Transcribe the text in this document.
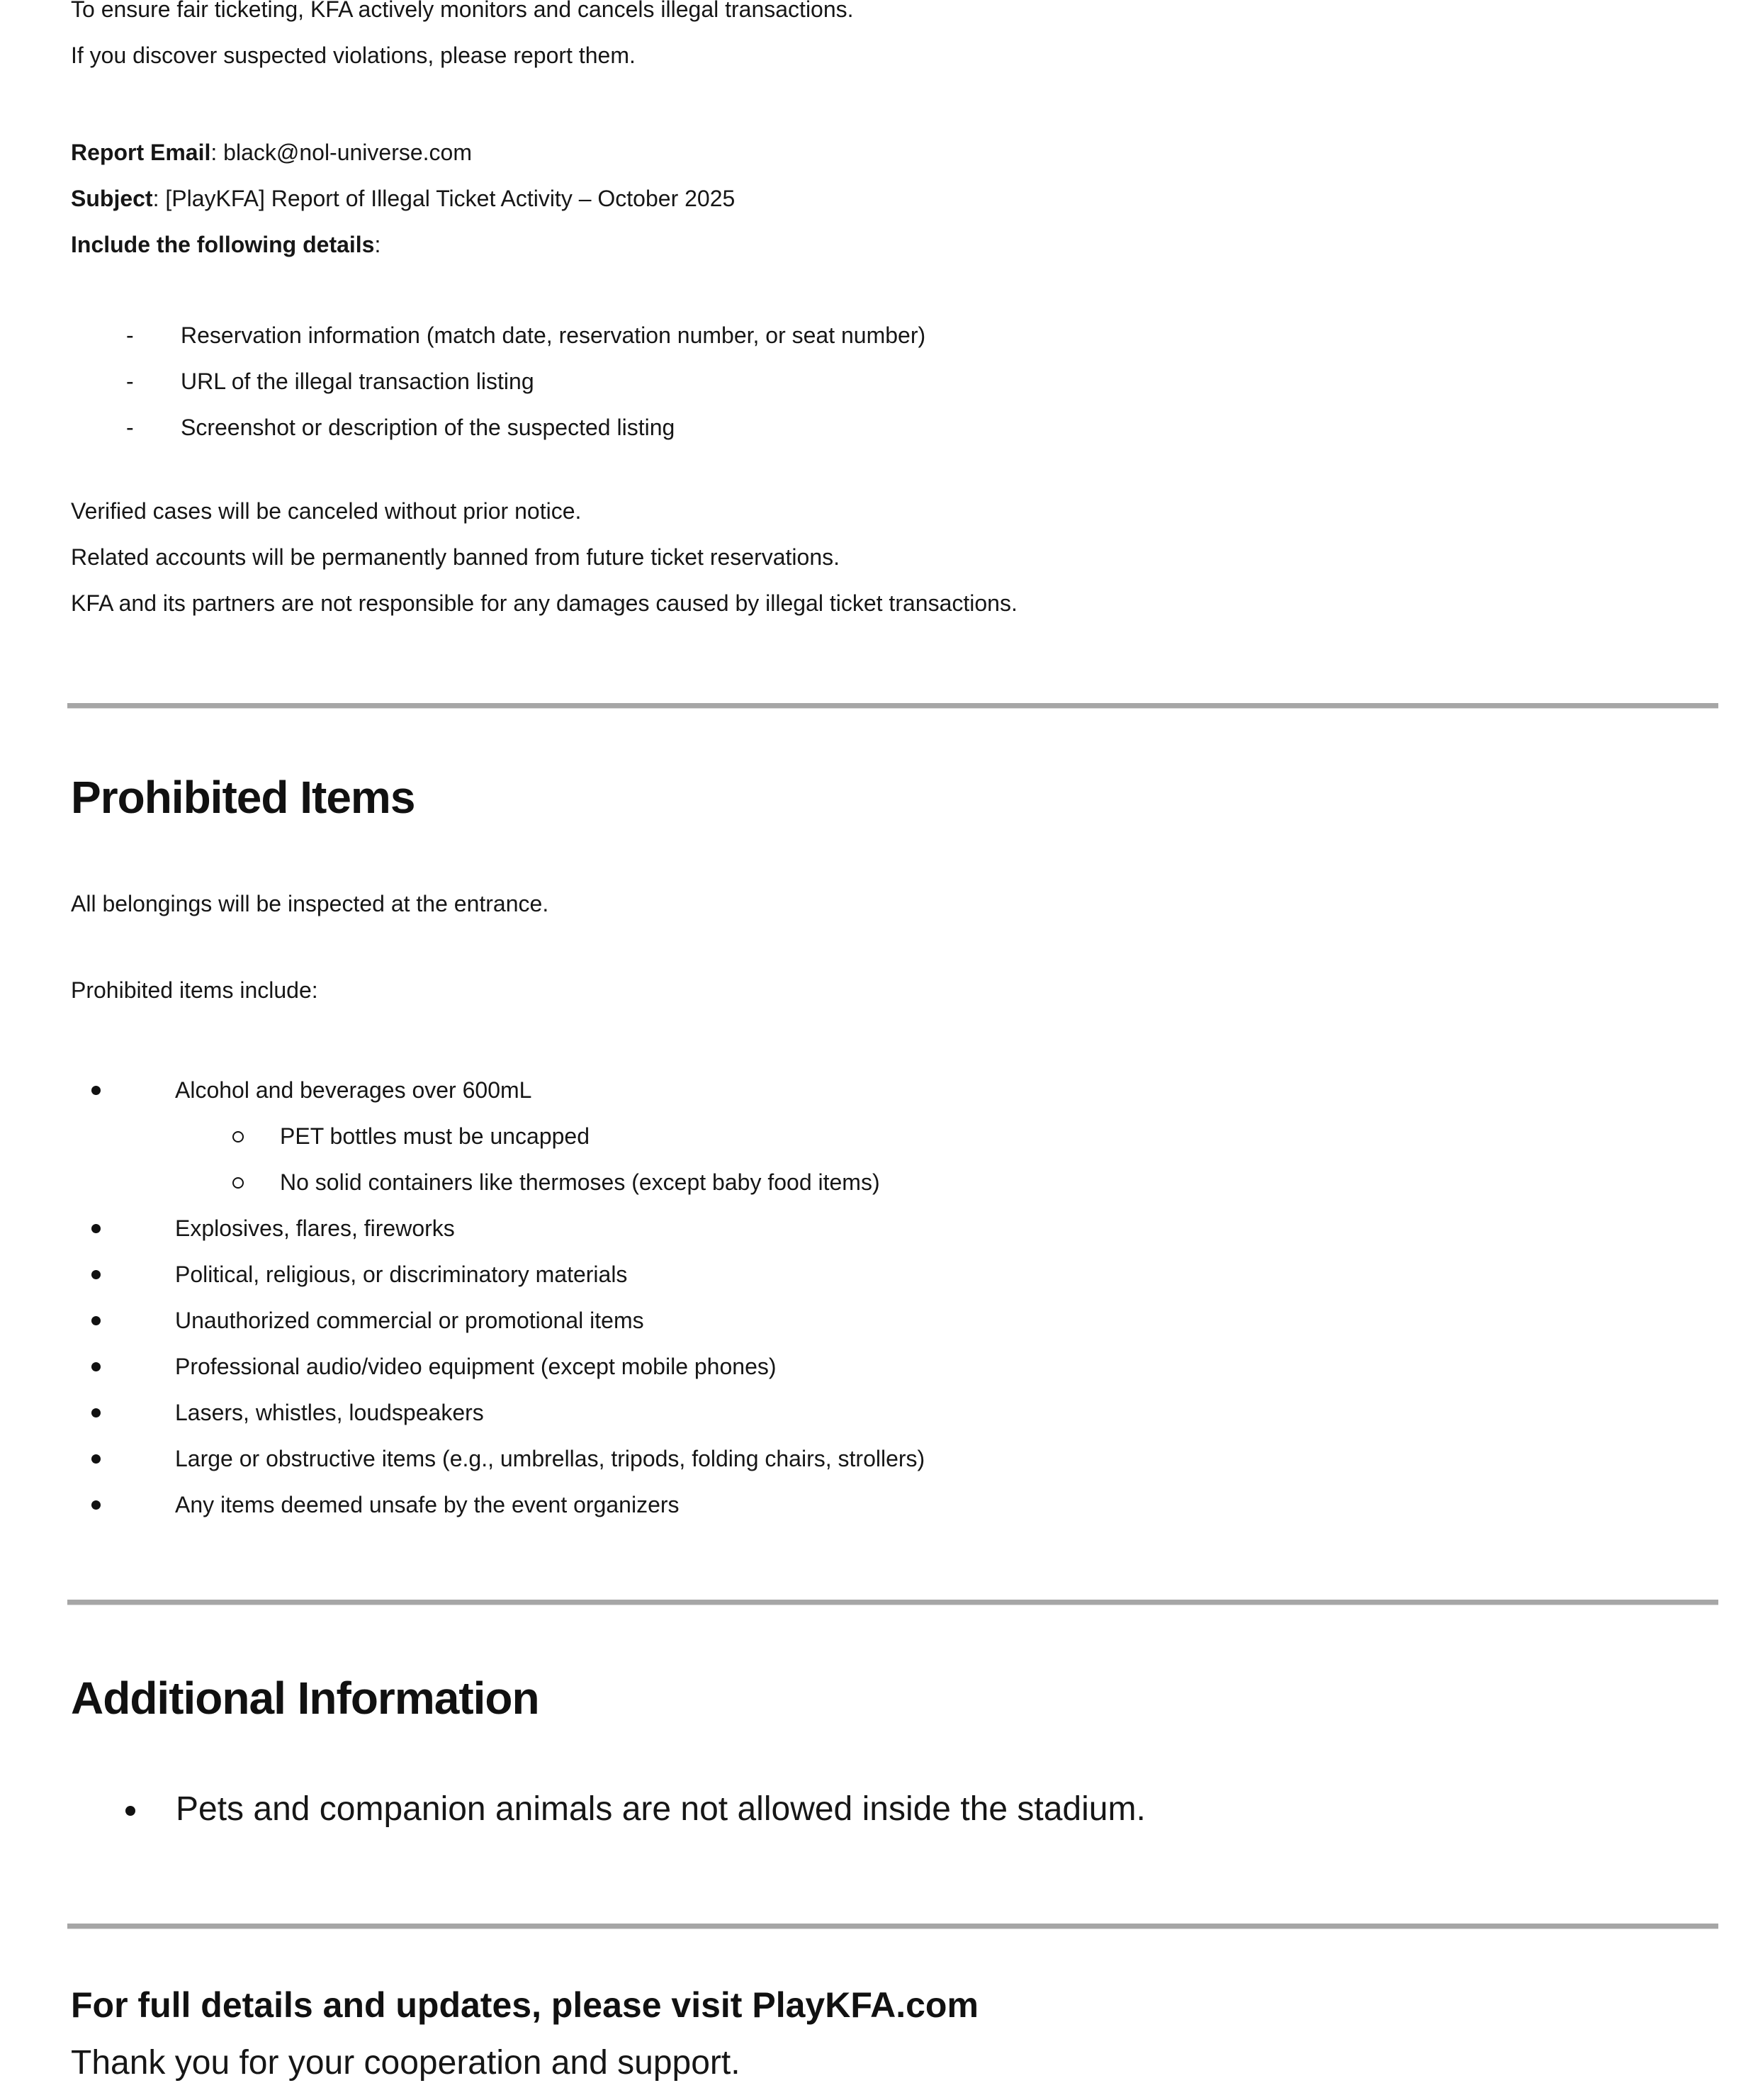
To ensure fair ticketing, KFA actively monitors and cancels illegal transactions.
If you discover suspected violations, please report them.
Report Email: black@nol-universe.com
Subject: [PlayKFA] Report of Illegal Ticket Activity – October 2025
Include the following details:
- Reservation information (match date, reservation number, or seat number)
- URL of the illegal transaction listing
- Screenshot or description of the suspected listing
Verified cases will be canceled without prior notice.
Related accounts will be permanently banned from future ticket reservations.
KFA and its partners are not responsible for any damages caused by illegal ticket transactions.
Prohibited Items
All belongings will be inspected at the entrance.
Prohibited items include:
Alcohol and beverages over 600mL
PET bottles must be uncapped
No solid containers like thermoses (except baby food items)
Explosives, flares, fireworks
Political, religious, or discriminatory materials
Unauthorized commercial or promotional items
Professional audio/video equipment (except mobile phones)
Lasers, whistles, loudspeakers
Large or obstructive items (e.g., umbrellas, tripods, folding chairs, strollers)
Any items deemed unsafe by the event organizers
Additional Information
Pets and companion animals are not allowed inside the stadium.
For full details and updates, please visit PlayKFA.com
Thank you for your cooperation and support.
